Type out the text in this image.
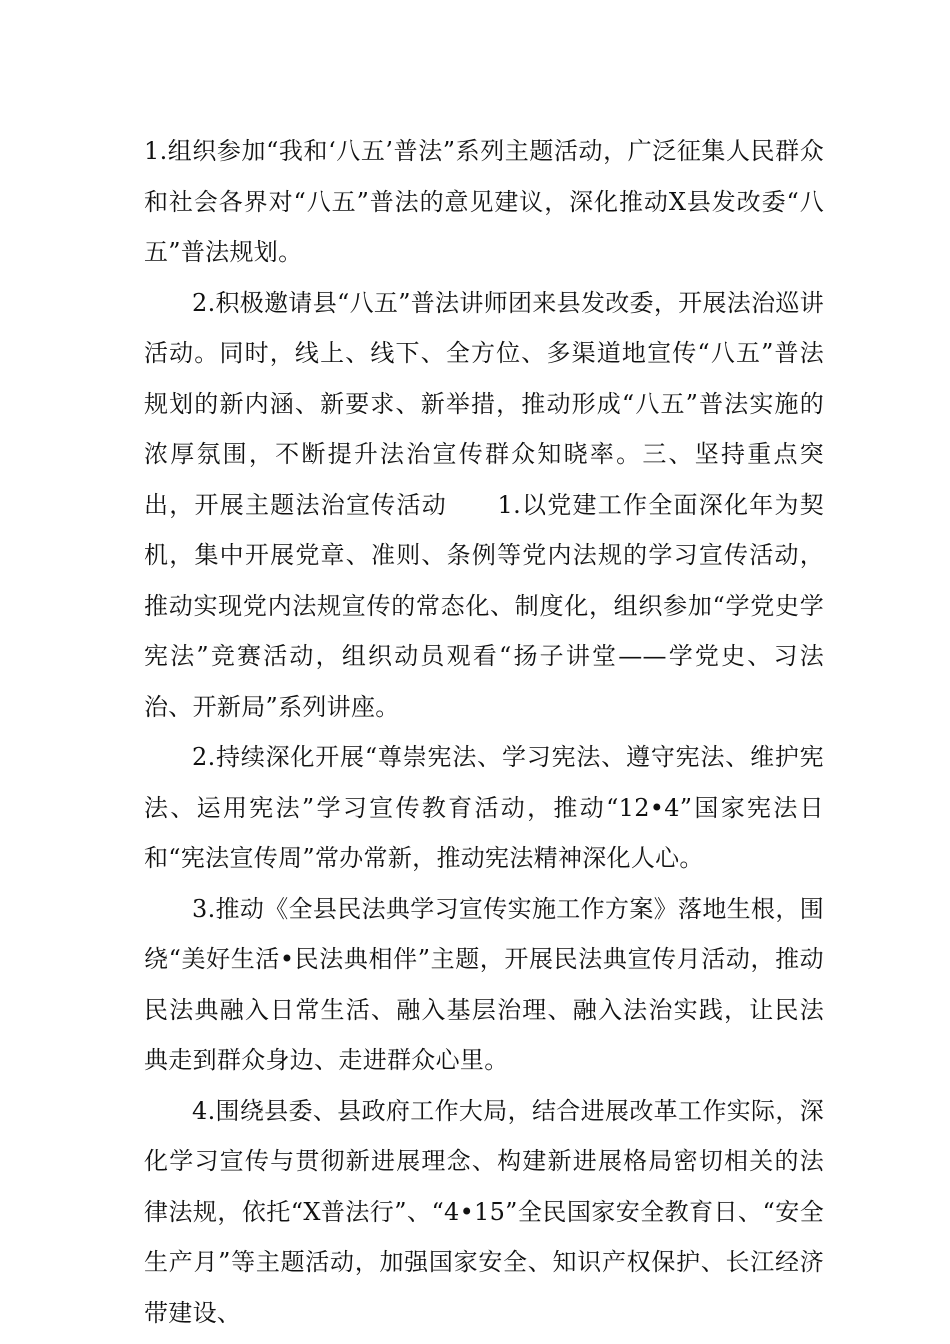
1.组织参加“我和‘八五’普法”系列主题活动，广泛征集人民群众和社会各界对“八五”普法的意见建议，深化推动X县发改委“八五”普法规划。

2.积极邀请县“八五”普法讲师团来县发改委，开展法治巡讲活动。同时，线上、线下、全方位、多渠道地宣传“八五”普法规划的新内涵、新要求、新举措，推动形成“八五”普法实施的浓厚氛围，不断提升法治宣传群众知晓率。三、坚持重点突出，开展主题法治宣传活动　　1.以党建工作全面深化年为契机，集中开展党章、准则、条例等党内法规的学习宣传活动，推动实现党内法规宣传的常态化、制度化，组织参加“学党史学宪法”竞赛活动，组织动员观看“扬子讲堂——学党史、习法治、开新局”系列讲座。

2.持续深化开展“尊崇宪法、学习宪法、遵守宪法、维护宪法、运用宪法”学习宣传教育活动，推动“12•4”国家宪法日和“宪法宣传周”常办常新，推动宪法精神深化人心。

3.推动《全县民法典学习宣传实施工作方案》落地生根，围绕“美好生活•民法典相伴”主题，开展民法典宣传月活动，推动民法典融入日常生活、融入基层治理、融入法治实践，让民法典走到群众身边、走进群众心里。

4.围绕县委、县政府工作大局，结合进展改革工作实际，深化学习宣传与贯彻新进展理念、构建新进展格局密切相关的法律法规，依托“X普法行”、“4•15”全民国家安全教育日、“安全生产月”等主题活动，加强国家安全、知识产权保护、长江经济带建设、
